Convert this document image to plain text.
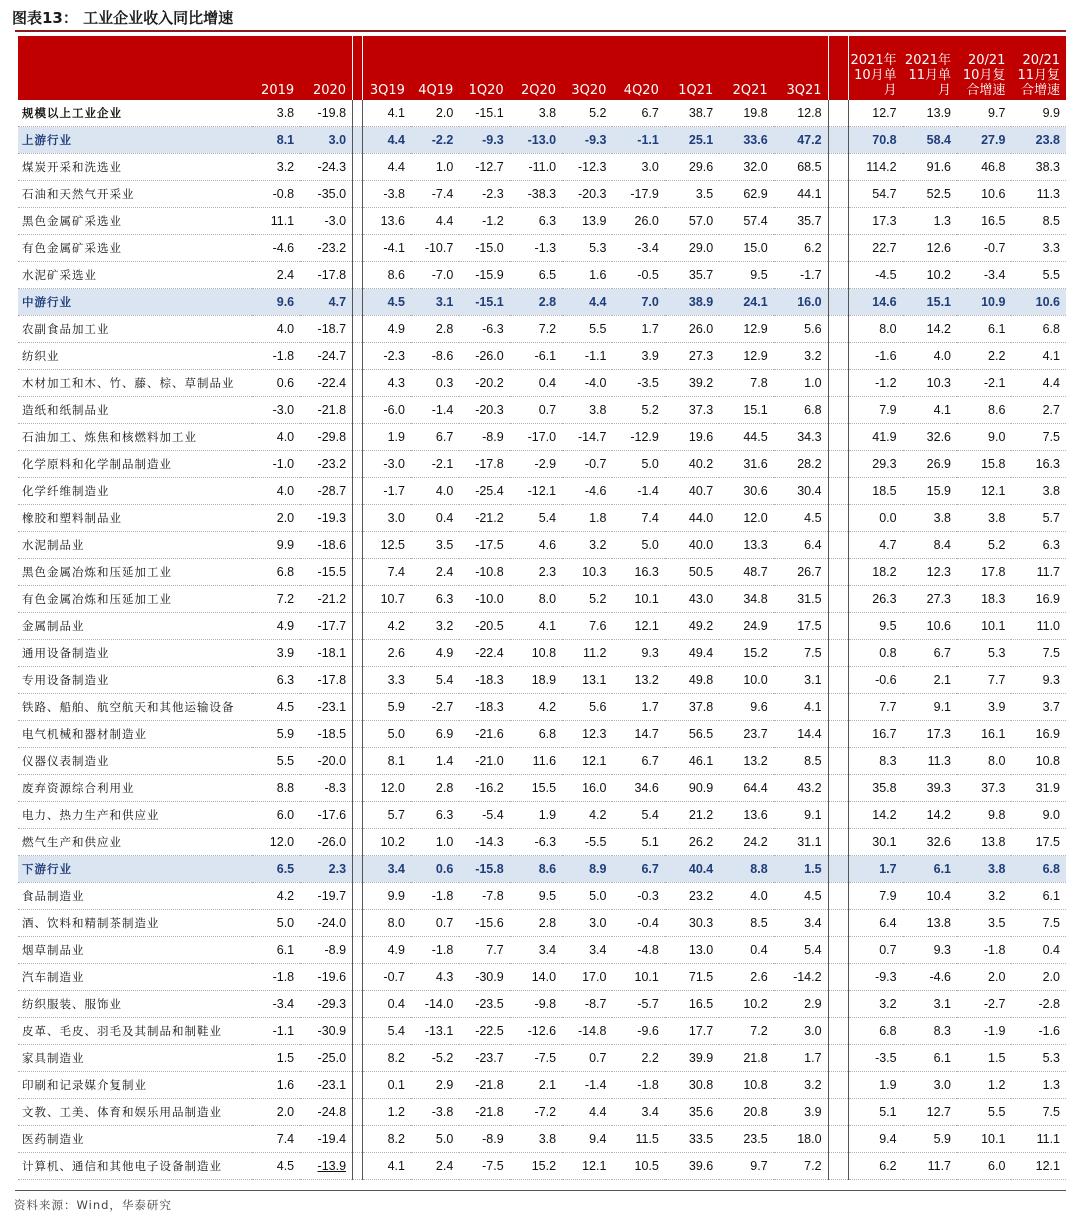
图表13： 工业企业收入同比增速
	2019	2020		3Q19	4Q19	1Q20	2Q20	3Q20	4Q20	1Q21	2Q21	3Q21		2021年10月单月	2021年11月单月	20/21 10月复合增速	20/21 11月复合增速
规模以上工业企业	3.8	-19.8		4.1	2.0	-15.1	3.8	5.2	6.7	38.7	19.8	12.8		12.7	13.9	9.7	9.9
上游行业	8.1	3.0		4.4	-2.2	-9.3	-13.0	-9.3	-1.1	25.1	33.6	47.2		70.8	58.4	27.9	23.8
煤炭开采和洗选业	3.2	-24.3		4.4	1.0	-12.7	-11.0	-12.3	3.0	29.6	32.0	68.5		114.2	91.6	46.8	38.3
石油和天然气开采业	-0.8	-35.0		-3.8	-7.4	-2.3	-38.3	-20.3	-17.9	3.5	62.9	44.1		54.7	52.5	10.6	11.3
黑色金属矿采选业	11.1	-3.0		13.6	4.4	-1.2	6.3	13.9	26.0	57.0	57.4	35.7		17.3	1.3	16.5	8.5
有色金属矿采选业	-4.6	-23.2		-4.1	-10.7	-15.0	-1.3	5.3	-3.4	29.0	15.0	6.2		22.7	12.6	-0.7	3.3
水泥矿采选业	2.4	-17.8		8.6	-7.0	-15.9	6.5	1.6	-0.5	35.7	9.5	-1.7		-4.5	10.2	-3.4	5.5
中游行业	9.6	4.7		4.5	3.1	-15.1	2.8	4.4	7.0	38.9	24.1	16.0		14.6	15.1	10.9	10.6
农副食品加工业	4.0	-18.7		4.9	2.8	-6.3	7.2	5.5	1.7	26.0	12.9	5.6		8.0	14.2	6.1	6.8
纺织业	-1.8	-24.7		-2.3	-8.6	-26.0	-6.1	-1.1	3.9	27.3	12.9	3.2		-1.6	4.0	2.2	4.1
木材加工和木、竹、藤、棕、草制品业	0.6	-22.4		4.3	0.3	-20.2	0.4	-4.0	-3.5	39.2	7.8	1.0		-1.2	10.3	-2.1	4.4
造纸和纸制品业	-3.0	-21.8		-6.0	-1.4	-20.3	0.7	3.8	5.2	37.3	15.1	6.8		7.9	4.1	8.6	2.7
石油加工、炼焦和核燃料加工业	4.0	-29.8		1.9	6.7	-8.9	-17.0	-14.7	-12.9	19.6	44.5	34.3		41.9	32.6	9.0	7.5
化学原料和化学制品制造业	-1.0	-23.2		-3.0	-2.1	-17.8	-2.9	-0.7	5.0	40.2	31.6	28.2		29.3	26.9	15.8	16.3
化学纤维制造业	4.0	-28.7		-1.7	4.0	-25.4	-12.1	-4.6	-1.4	40.7	30.6	30.4		18.5	15.9	12.1	3.8
橡胶和塑料制品业	2.0	-19.3		3.0	0.4	-21.2	5.4	1.8	7.4	44.0	12.0	4.5		0.0	3.8	3.8	5.7
水泥制品业	9.9	-18.6		12.5	3.5	-17.5	4.6	3.2	5.0	40.0	13.3	6.4		4.7	8.4	5.2	6.3
黑色金属冶炼和压延加工业	6.8	-15.5		7.4	2.4	-10.8	2.3	10.3	16.3	50.5	48.7	26.7		18.2	12.3	17.8	11.7
有色金属冶炼和压延加工业	7.2	-21.2		10.7	6.3	-10.0	8.0	5.2	10.1	43.0	34.8	31.5		26.3	27.3	18.3	16.9
金属制品业	4.9	-17.7		4.2	3.2	-20.5	4.1	7.6	12.1	49.2	24.9	17.5		9.5	10.6	10.1	11.0
通用设备制造业	3.9	-18.1		2.6	4.9	-22.4	10.8	11.2	9.3	49.4	15.2	7.5		0.8	6.7	5.3	7.5
专用设备制造业	6.3	-17.8		3.3	5.4	-18.3	18.9	13.1	13.2	49.8	10.0	3.1		-0.6	2.1	7.7	9.3
铁路、船舶、航空航天和其他运输设备	4.5	-23.1		5.9	-2.7	-18.3	4.2	5.6	1.7	37.8	9.6	4.1		7.7	9.1	3.9	3.7
电气机械和器材制造业	5.9	-18.5		5.0	6.9	-21.6	6.8	12.3	14.7	56.5	23.7	14.4		16.7	17.3	16.1	16.9
仪器仪表制造业	5.5	-20.0		8.1	1.4	-21.0	11.6	12.1	6.7	46.1	13.2	8.5		8.3	11.3	8.0	10.8
废弃资源综合利用业	8.8	-8.3		12.0	2.8	-16.2	15.5	16.0	34.6	90.9	64.4	43.2		35.8	39.3	37.3	31.9
电力、热力生产和供应业	6.0	-17.6		5.7	6.3	-5.4	1.9	4.2	5.4	21.2	13.6	9.1		14.2	14.2	9.8	9.0
燃气生产和供应业	12.0	-26.0		10.2	1.0	-14.3	-6.3	-5.5	5.1	26.2	24.2	31.1		30.1	32.6	13.8	17.5
下游行业	6.5	2.3		3.4	0.6	-15.8	8.6	8.9	6.7	40.4	8.8	1.5		1.7	6.1	3.8	6.8
食品制造业	4.2	-19.7		9.9	-1.8	-7.8	9.5	5.0	-0.3	23.2	4.0	4.5		7.9	10.4	3.2	6.1
酒、饮料和精制茶制造业	5.0	-24.0		8.0	0.7	-15.6	2.8	3.0	-0.4	30.3	8.5	3.4		6.4	13.8	3.5	7.5
烟草制品业	6.1	-8.9		4.9	-1.8	7.7	3.4	3.4	-4.8	13.0	0.4	5.4		0.7	9.3	-1.8	0.4
汽车制造业	-1.8	-19.6		-0.7	4.3	-30.9	14.0	17.0	10.1	71.5	2.6	-14.2		-9.3	-4.6	2.0	2.0
纺织服装、服饰业	-3.4	-29.3		0.4	-14.0	-23.5	-9.8	-8.7	-5.7	16.5	10.2	2.9		3.2	3.1	-2.7	-2.8
皮革、毛皮、羽毛及其制品和制鞋业	-1.1	-30.9		5.4	-13.1	-22.5	-12.6	-14.8	-9.6	17.7	7.2	3.0		6.8	8.3	-1.9	-1.6
家具制造业	1.5	-25.0		8.2	-5.2	-23.7	-7.5	0.7	2.2	39.9	21.8	1.7		-3.5	6.1	1.5	5.3
印刷和记录媒介复制业	1.6	-23.1		0.1	2.9	-21.8	2.1	-1.4	-1.8	30.8	10.8	3.2		1.9	3.0	1.2	1.3
文教、工美、体育和娱乐用品制造业	2.0	-24.8		1.2	-3.8	-21.8	-7.2	4.4	3.4	35.6	20.8	3.9		5.1	12.7	5.5	7.5
医药制造业	7.4	-19.4		8.2	5.0	-8.9	3.8	9.4	11.5	33.5	23.5	18.0		9.4	5.9	10.1	11.1
计算机、通信和其他电子设备制造业	4.5	-13.9		4.1	2.4	-7.5	15.2	12.1	10.5	39.6	9.7	7.2		6.2	11.7	6.0	12.1
资料来源：Wind，华泰研究
